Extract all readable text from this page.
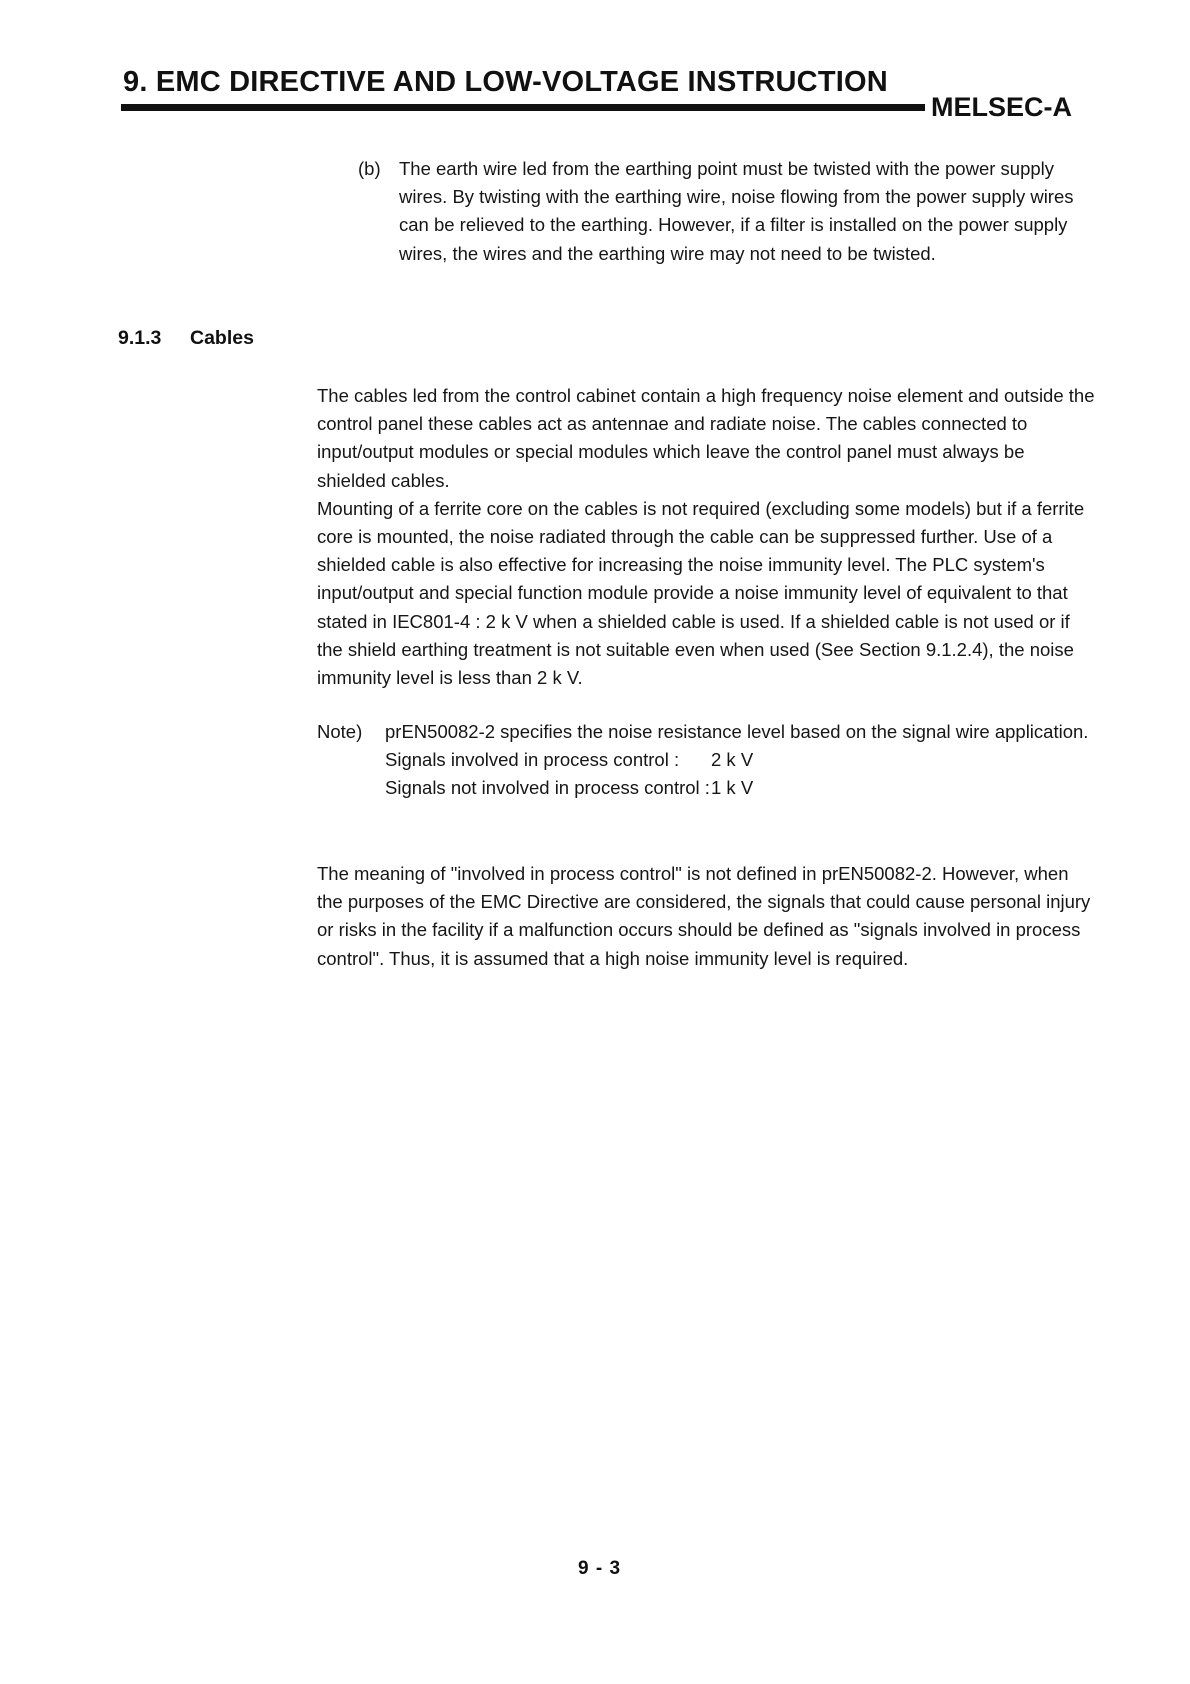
9. EMC DIRECTIVE AND LOW-VOLTAGE INSTRUCTION
MELSEC-A
(b) The earth wire led from the earthing point must be twisted with the power supply wires. By twisting with the earthing wire, noise flowing from the power supply wires can be relieved to the earthing. However, if a filter is installed on the power supply wires, the wires and the earthing wire may not need to be twisted.

9.1.3 Cables

The cables led from the control cabinet contain a high frequency noise element and outside the control panel these cables act as antennae and radiate noise. The cables connected to input/output modules or special modules which leave the control panel must always be shielded cables.

Mounting of a ferrite core on the cables is not required (excluding some models) but if a ferrite core is mounted, the noise radiated through the cable can be suppressed further. Use of a shielded cable is also effective for increasing the noise immunity level. The PLC system's input/output and special function module provide a noise immunity level of equivalent to that stated in IEC801-4 : 2 k V when a shielded cable is used. If a shielded cable is not used or if the shield earthing treatment is not suitable even when used (See Section 9.1.2.4), the noise immunity level is less than 2 k V.

Note) prEN50082-2 specifies the noise resistance level based on the signal wire application.

Signals involved in process control :	2 k V
Signals not involved in process control : 1 k V

The meaning of "involved in process control" is not defined in prEN50082-2. However, when the purposes of the EMC Directive are considered, the signals that could cause personal injury or risks in the facility if a malfunction occurs should be defined as "signals involved in process control". Thus, it is assumed that a high noise immunity level is required.

9 - 3
